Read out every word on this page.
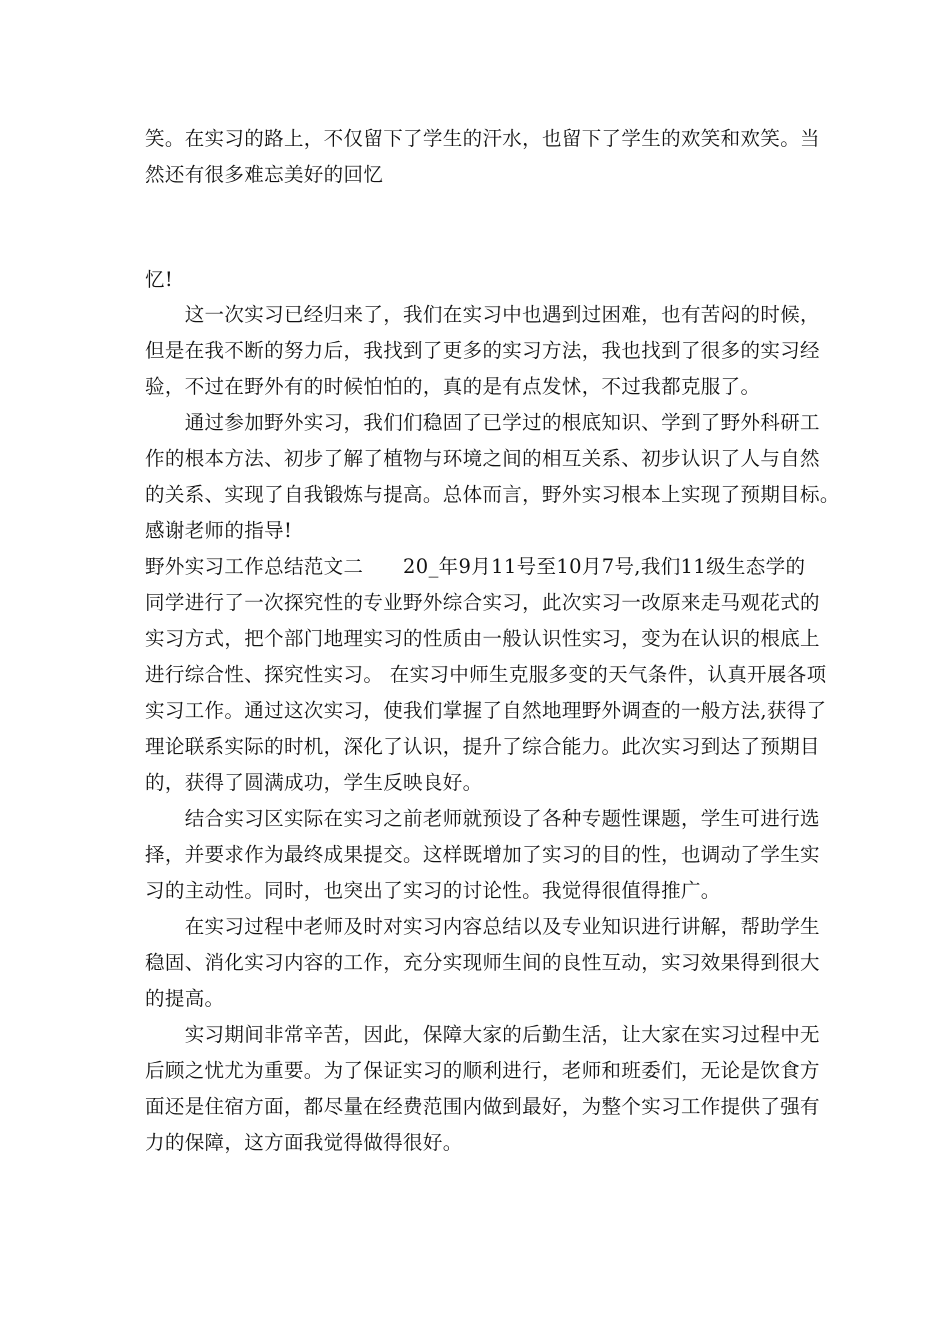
笑。在实习的路上，不仅留下了学生的汗水，也留下了学生的欢笑和欢笑。当
然还有很多难忘美好的回忆
忆!
　　这一次实习已经归来了，我们在实习中也遇到过困难，也有苦闷的时候，
但是在我不断的努力后，我找到了更多的实习方法，我也找到了很多的实习经
验，不过在野外有的时候怕怕的，真的是有点发怵，不过我都克服了。
　　通过参加野外实习，我们们稳固了已学过的根底知识、学到了野外科研工
作的根本方法、初步了解了植物与环境之间的相互关系、初步认识了人与自然
的关系、实现了自我锻炼与提高。总体而言，野外实习根本上实现了预期目标。
感谢老师的指导!
野外实习工作总结范文二　　20_年9月11号至10月7号,我们11级生态学的
同学进行了一次探究性的专业野外综合实习，此次实习一改原来走马观花式的
实习方式，把个部门地理实习的性质由一般认识性实习，变为在认识的根底上
进行综合性、探究性实习。 在实习中师生克服多变的天气条件，认真开展各项
实习工作。通过这次实习，使我们掌握了自然地理野外调查的一般方法,获得了
理论联系实际的时机，深化了认识，提升了综合能力。此次实习到达了预期目
的，获得了圆满成功，学生反映良好。
　　结合实习区实际在实习之前老师就预设了各种专题性课题，学生可进行选
择，并要求作为最终成果提交。这样既增加了实习的目的性，也调动了学生实
习的主动性。同时，也突出了实习的讨论性。我觉得很值得推广。
　　在实习过程中老师及时对实习内容总结以及专业知识进行讲解，帮助学生
稳固、消化实习内容的工作，充分实现师生间的良性互动，实习效果得到很大
的提高。
　　实习期间非常辛苦，因此，保障大家的后勤生活，让大家在实习过程中无
后顾之忧尤为重要。为了保证实习的顺利进行，老师和班委们，无论是饮食方
面还是住宿方面，都尽量在经费范围内做到最好，为整个实习工作提供了强有
力的保障，这方面我觉得做得很好。
